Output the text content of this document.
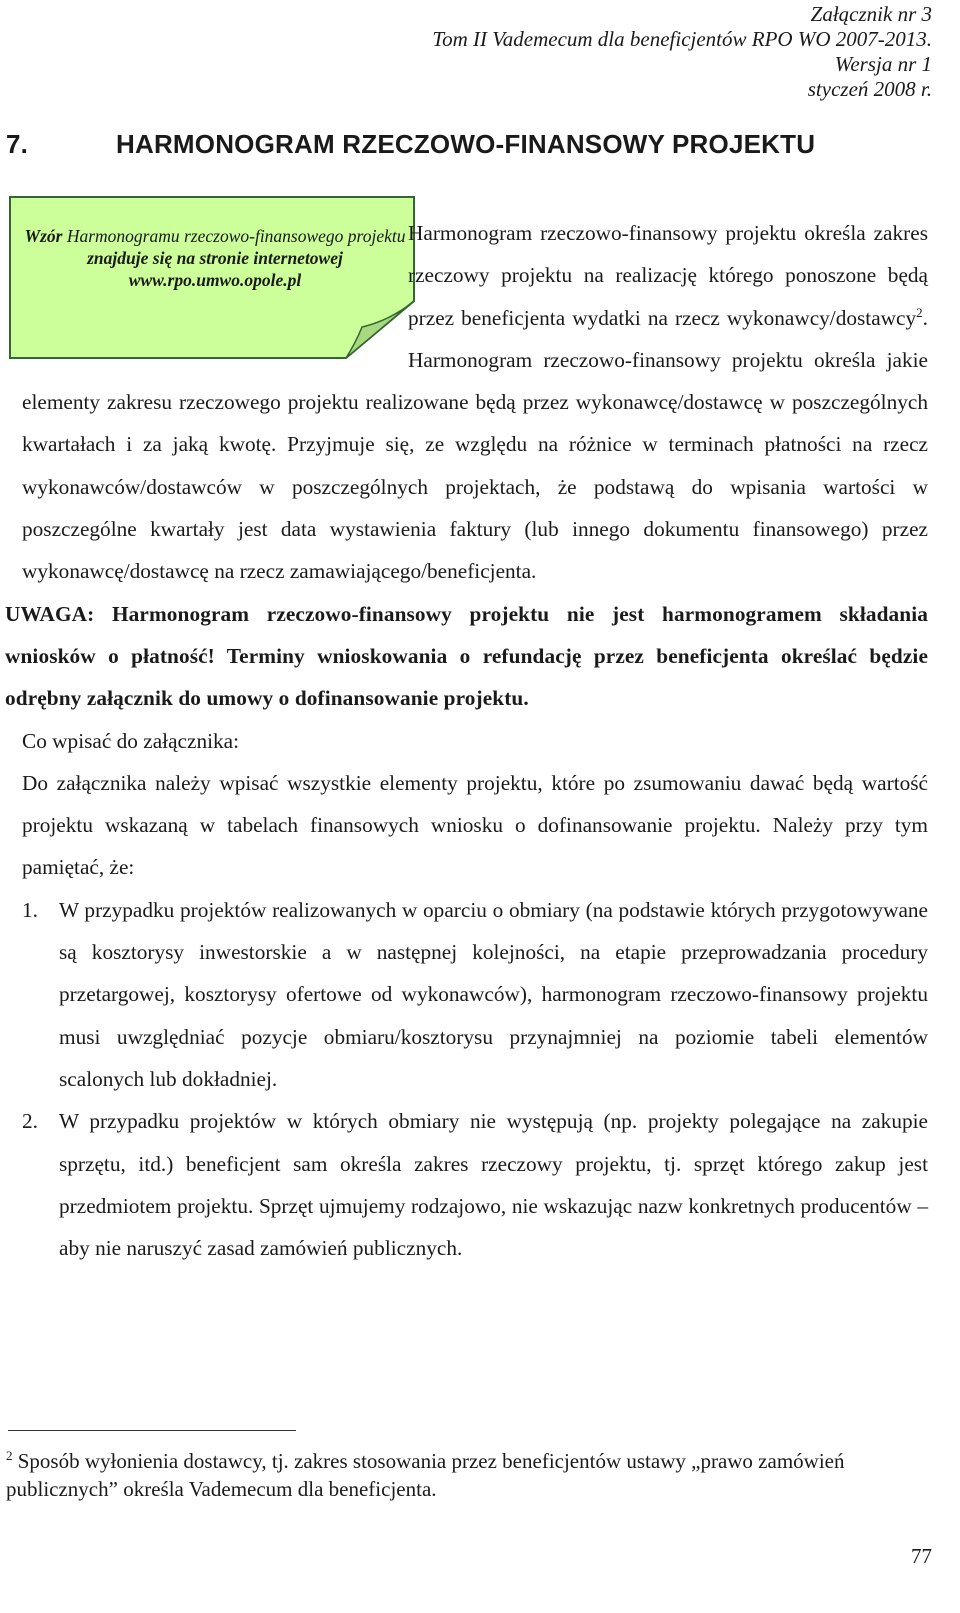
Załącznik nr 3
Tom II Vademecum dla beneficjentów RPO WO 2007-2013.
Wersja nr 1
styczeń 2008 r.
7.	HARMONOGRAM RZECZOWO-FINANSOWY PROJEKTU
Wzór Harmonogramu rzeczowo-finansowego projektu znajduje się na stronie internetowej www.rpo.umwo.opole.pl

Harmonogram rzeczowo-finansowy projektu określa zakres rzeczowy projektu na realizację którego ponoszone będą przez beneficjenta wydatki na rzecz wykonawcy/dostawcy$^2$. Harmonogram rzeczowo-finansowy projektu określa jakie elementy zakresu rzeczowego projektu realizowane będą przez wykonawcę/dostawcę w poszczególnych kwartałach i za jaką kwotę. Przyjmuje się, ze względu na różnice w terminach płatności na rzecz wykonawców/dostawców w poszczególnych projektach, że podstawą do wpisania wartości w poszczególne kwartały jest data wystawienia faktury (lub innego dokumentu finansowego) przez wykonawcę/dostawcę na rzecz zamawiającego/beneficjenta.

UWAGA: Harmonogram rzeczowo-finansowy projektu nie jest harmonogramem składania wniosków o płatność! Terminy wnioskowania o refundację przez beneficjenta określać będzie odrębny załącznik do umowy o dofinansowanie projektu.

Co wpisać do załącznika:

Do załącznika należy wpisać wszystkie elementy projektu, które po zsumowaniu dawać będą wartość projektu wskazaną w tabelach finansowych wniosku o dofinansowanie projektu. Należy przy tym pamiętać, że:

1. W przypadku projektów realizowanych w oparciu o obmiary (na podstawie których przygotowywane są kosztorysy inwestorskie a w następnej kolejności, na etapie przeprowadzania procedury przetargowej, kosztorysy ofertowe od wykonawców), harmonogram rzeczowo-finansowy projektu musi uwzględniać pozycje obmiaru/kosztorysu przynajmniej na poziomie tabeli elementów scalonych lub dokładniej.
2. W przypadku projektów w których obmiary nie występują (np. projekty polegające na zakupie sprzętu, itd.) beneficjent sam określa zakres rzeczowy projektu, tj. sprzęt którego zakup jest przedmiotem projektu. Sprzęt ujmujemy rodzajowo, nie wskazując nazw konkretnych producentów – aby nie naruszyć zasad zamówień publicznych.

$^2$ Sposób wyłonienia dostawcy, tj. zakres stosowania przez beneficjentów ustawy „prawo zamówień publicznych” określa Vademecum dla beneficjenta.

77
